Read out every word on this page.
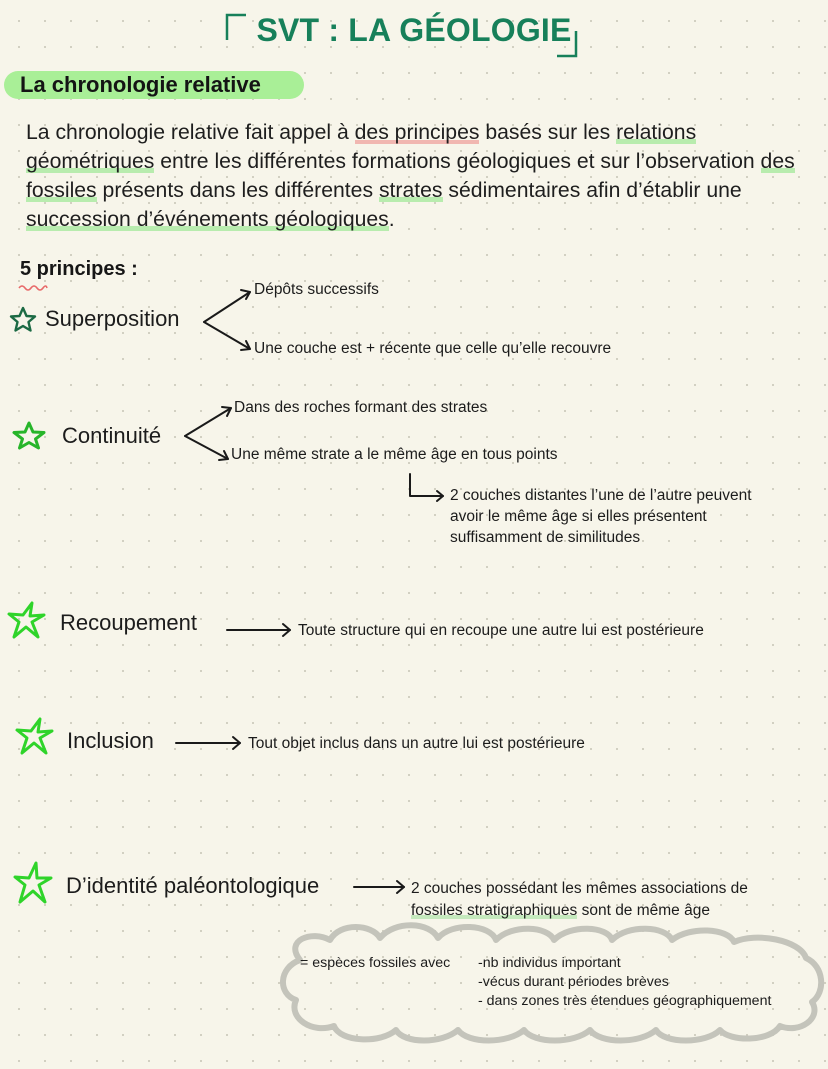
SVT : LA GÉOLOGIE
La chronologie relative
La chronologie relative fait appel à des principes basés sur les relations géométriques entre les différentes formations géologiques et sur l’observation des fossiles présents dans les différentes strates sédimentaires afin d’établir une succession d’événements géologiques.
5 principes :
Superposition
Dépôts successifs
Une couche est + récente que celle qu’elle recouvre
Continuité
Dans des roches formant des strates
Une même strate a le même âge en tous points
2 couches distantes l’une de l’autre peuvent
avoir le même âge si elles présentent
suffisamment de similitudes
Recoupement	Toute structure qui en recoupe une autre lui est postérieure
Inclusion	Tout objet inclus dans un autre lui est postérieure
D’identité paléontologique	2 couches possédant les mêmes associations de
fossiles stratigraphiques sont de même âge
= espèces fossiles avec -nb individus important
-vécus durant périodes brèves
- dans zones très étendues géographiquement
